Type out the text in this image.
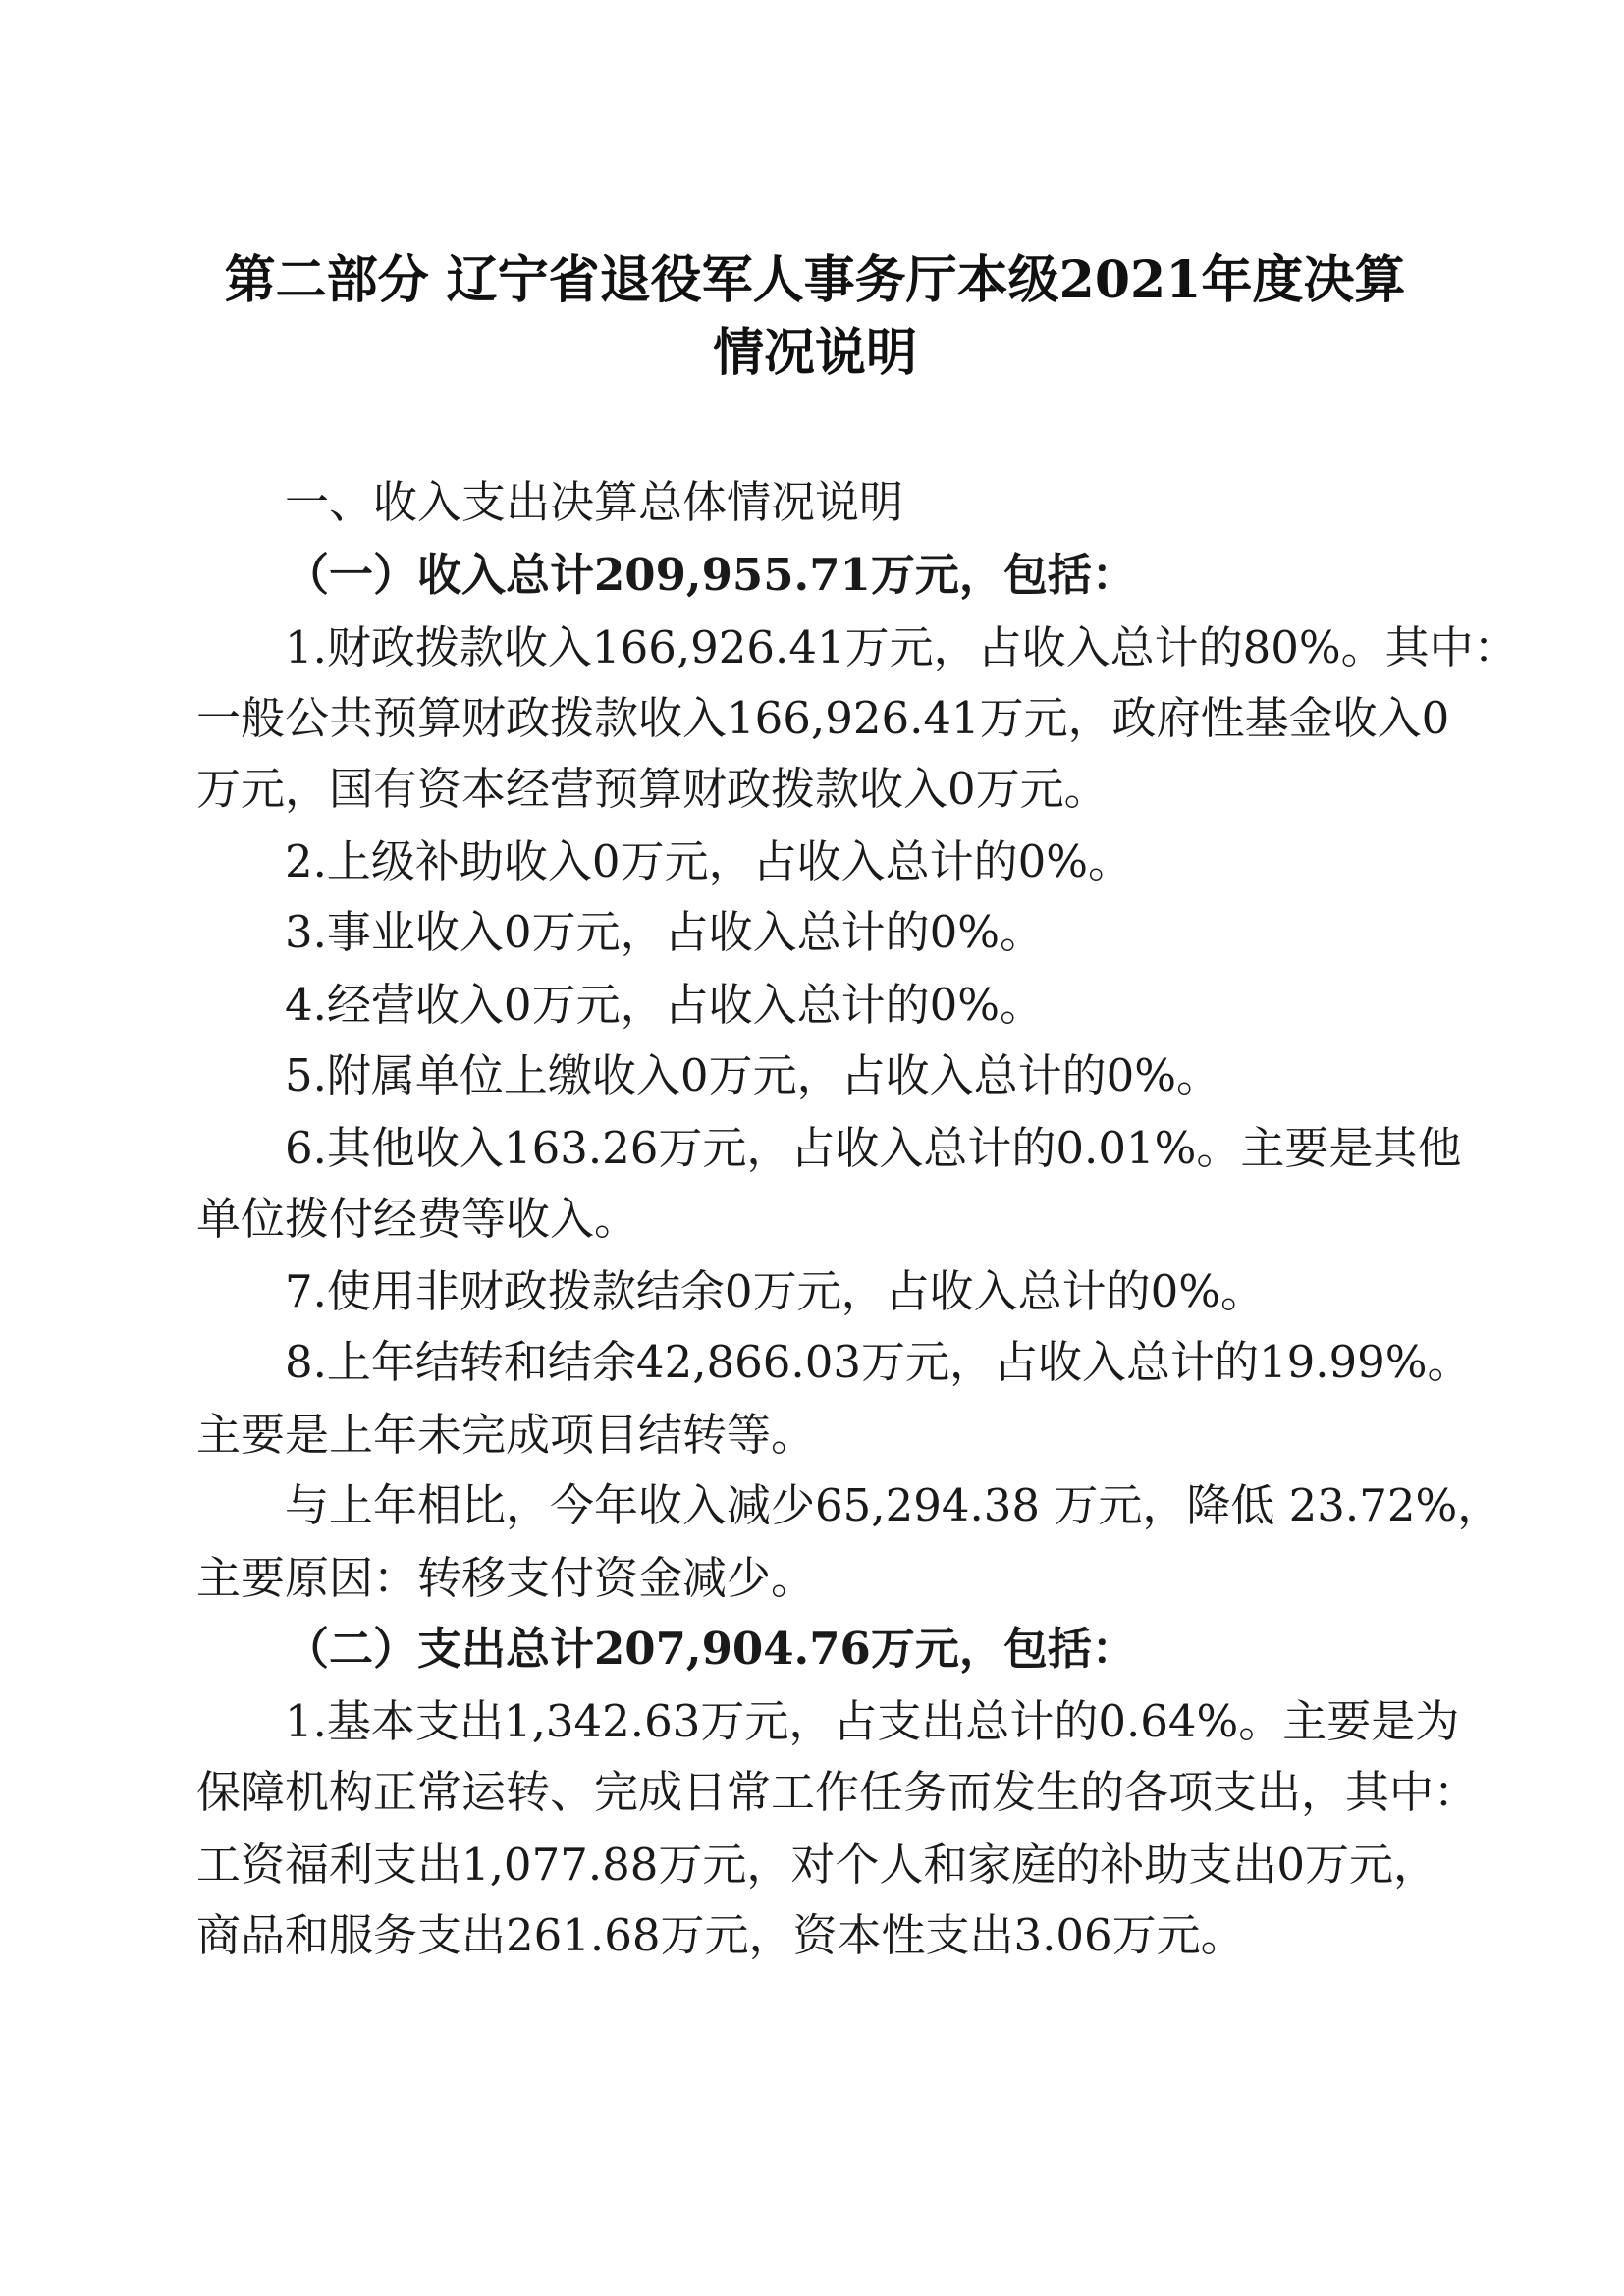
第二部分 辽宁省退役军人事务厅本级2021年度决算
情况说明
一、收入支出决算总体情况说明
（一）收入总计209,955.71万元，包括：
1.财政拨款收入166,926.41万元，占收入总计的80%。其中：
一般公共预算财政拨款收入166,926.41万元，政府性基金收入0
万元，国有资本经营预算财政拨款收入0万元。
2.上级补助收入0万元，占收入总计的0%。
3.事业收入0万元，占收入总计的0%。
4.经营收入0万元，占收入总计的0%。
5.附属单位上缴收入0万元，占收入总计的0%。
6.其他收入163.26万元，占收入总计的0.01%。主要是其他
单位拨付经费等收入。
7.使用非财政拨款结余0万元，占收入总计的0%。
8.上年结转和结余42,866.03万元，占收入总计的19.99%。
主要是上年未完成项目结转等。
与上年相比，今年收入减少65,294.38 万元，降低 23.72%，
主要原因：转移支付资金减少。
（二）支出总计207,904.76万元，包括：
1.基本支出1,342.63万元，占支出总计的0.64%。主要是为
保障机构正常运转、完成日常工作任务而发生的各项支出，其中：
工资福利支出1,077.88万元，对个人和家庭的补助支出0万元，
商品和服务支出261.68万元，资本性支出3.06万元。
